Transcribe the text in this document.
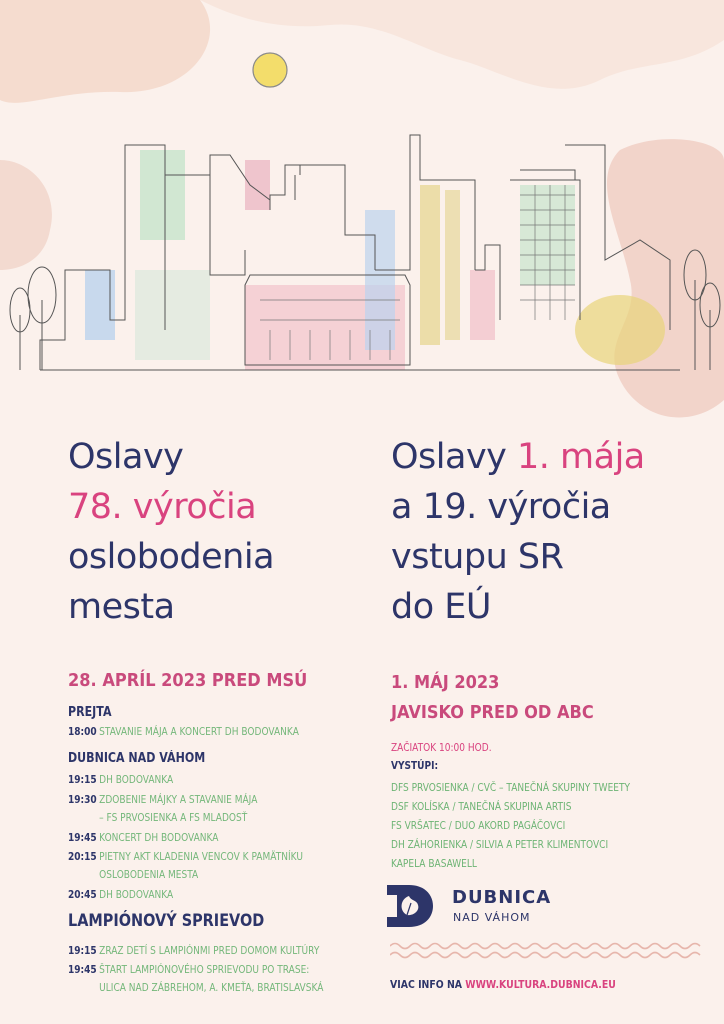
Oslavy

78. výročia

oslobodenia

mesta

28. APRÍL 2023 PRED MSÚ
PREJTA
18:00 STAVANIE MÁJA A KONCERT DH BODOVANKA
DUBNICA NAD VÁHOM
19:15 DH BODOVANKA
19:30 ZDOBENIE MÁJKY A STAVANIE MÁJA
– FS PRVOSIENKA A FS MLADOSŤ
19:45 KONCERT DH BODOVANKA
20:15 PIETNY AKT KLADENIA VENCOV K PAMÄTNÍKU
OSLOBODENIA MESTA
20:45 DH BODOVANKA
LAMPIÓNOVÝ SPRIEVOD
19:15 ZRAZ DETÍ S LAMPIÓNMI PRED DOMOM KULTÚRY
19:45 ŠTART LAMPIÓNOVÉHO SPRIEVODU PO TRASE:
ULICA NAD ZÁBREHOM, A. KMEŤA, BRATISLAVSKÁ

Oslavy 1. mája

a 19. výročia

vstupu SR

do EÚ

1. MÁJ 2023
JAVISKO PRED OD ABC
ZAČIATOK 10:00 HOD.
VYSTÚPI:
DFS PRVOSIENKA / CVČ – TANEČNÁ SKUPINY TWEETY
DSF KOLÍSKA / TANEČNÁ SKUPINA ARTIS
FS VRŠATEC / DUO AKORD PAGÁČOVCI
DH ZÁHORIENKA / SILVIA A PETER KLIMENTOVCI
KAPELA BASAWELL
DUBNICA
NAD VÁHOM
VIAC INFO NA WWW.KULTURA.DUBNICA.EU
